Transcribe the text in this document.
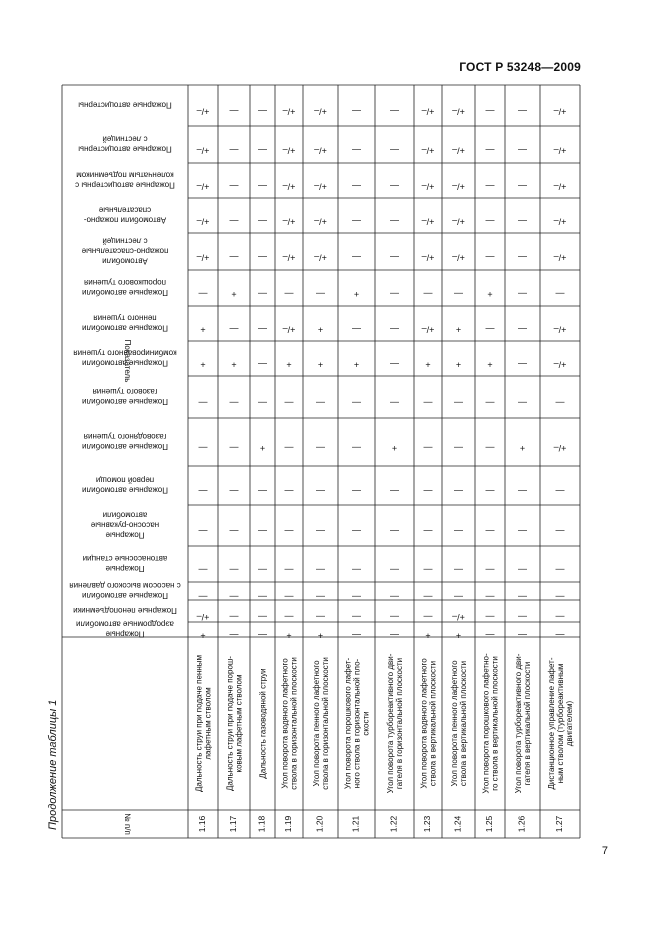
ГОСТ Р 53248—2009
Продолжение таблицы 1
7
Показатель
№ п/п
Пожарные автоцистерны
Пожарные автоцистерны
с лестницей
Пожарные автоцистерны с
коленчатым подъемником
Автомобили пожарно-
спасательные
Автомобили
пожарно-спасательные
с лестницей
Пожарные автомобили
порошкового тушения
Пожарные автомобили
пенного тушения
Пожарные автомобили
комбинированного тушения
Пожарные автомобили
газового тушения
Пожарные автомобили
газоводяного тушения
Пожарные автомобили
первой помощи
Пожарные
насосно-рукавные
автомобили
Пожарные
автонасосные станции
Пожарные автомобили
с насосом высокого давления
Пожарные пеноподъемники
Пожарные
аэродромные автомобили
1.16
Дальность струи при подаче пенным лафетным стволом
+/–
+/–
+/–
+/–
+/–
—
+
+
—
—
—
—
—
—
+/–
+
1.17
Дальность струи при подаче порош- ковым лафетным стволом
—
—
—
—
—
+
—
+
—
—
—
—
—
—
—
—
1.18
Дальность газоводяной струи
—
—
—
—
—
—
—
—
—
+
—
—
—
—
—
—
1.19
Угол поворота водяного лафетного ствола в горизонтальной плоскости
+/–
+/–
+/–
+/–
+/–
—
+/–
+
—
—
—
—
—
—
—
+
1.20
Угол поворота пенного лафетного ствола в горизонтальной плоскости
+/–
+/–
+/–
+/–
+/–
—
+
+
—
—
—
—
—
—
—
+
1.21
Угол поворота порошкового лафет- ного ствола в горизонтальной пло- скости
—
—
—
—
—
+
—
+
—
—
—
—
—
—
—
—
1.22
Угол поворота турбореактивного дви- гателя в горизонтальной плоскости
—
—
—
—
—
—
—
—
—
+
—
—
—
—
—
—
1.23
Угол поворота водяного лафетного ствола в вертикальной плоскости
+/–
+/–
+/–
+/–
+/–
—
+/–
+
—
—
—
—
—
—
—
+
1.24
Угол поворота пенного лафетного ствола в вертикальной плоскости
+/–
+/–
+/–
+/–
+/–
—
+
+
—
—
—
—
—
—
+/–
+
1.25
Угол поворота порошкового лафетно- го ствола в вертикальной плоскости
—
—
—
—
—
+
—
+
—
—
—
—
—
—
—
—
1.26
Угол поворота турбореактивного дви- гателя в вертикальной плоскости
—
—
—
—
—
—
—
—
—
+
—
—
—
—
—
—
1.27
Дистанционное управление лафет- ным стволом (турбореактивным двигателем)
+/–
+/–
+/–
+/–
+/–
—
+/–
+/–
—
+/–
—
—
—
—
—
—
